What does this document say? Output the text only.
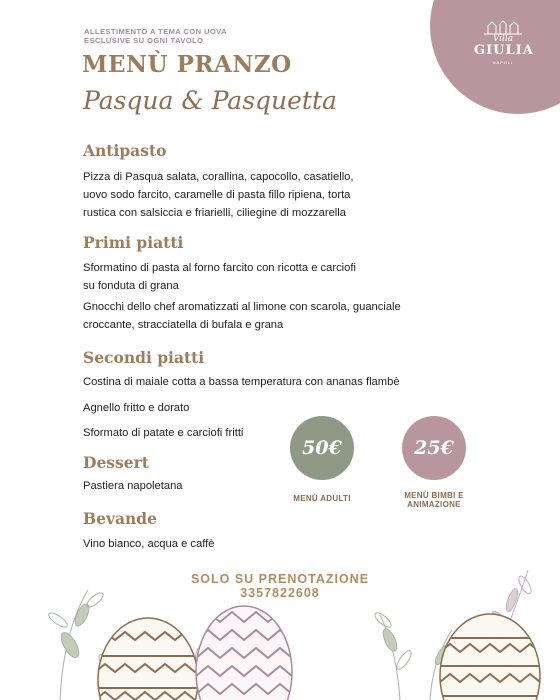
Villa
GIULIA
NAPOLI
ALLESTIMENTO A TEMA CON UOVA
ESCLUSIVE SU OGNI TAVOLO
MENÙ PRANZO
Pasqua & Pasquetta
Antipasto
Pizza di Pasqua salata, corallina, capocollo, casatiello,
uovo sodo farcito, caramelle di pasta fillo ripiena, torta
rustica con salsiccia e friarielli, ciliegine di mozzarella
Primi piatti
Sformatino di pasta al forno farcito con ricotta e carciofi
su fonduta di grana
Gnocchi dello chef aromatizzati al limone con scarola, guanciale
croccante, stracciatella di bufala e grana
Secondi piatti
Costina di maiale cotta a bassa temperatura con ananas flambè
Agnello fritto e dorato
Sformato di patate e carciofi fritti
Dessert
Pastiera napoletana
Bevande
Vino bianco, acqua e caffè
50€
MENÙ ADULTI
25€
MENÙ BIMBI E
ANIMAZIONE
SOLO SU PRENOTAZIONE
3357822608
